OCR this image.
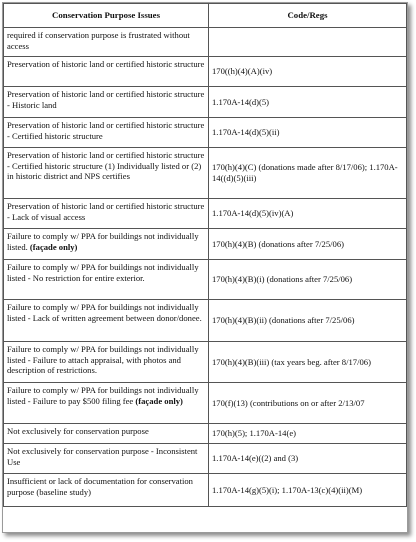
Conservation Purpose Issues	Code/Regs
required if conservation purpose is frustrated without access	
Preservation of historic land or certified historic structure	170((h)(4)(A)(iv)
Preservation of historic land or certified historic structure - Historic land	1.170A-14(d)(5)
Preservation of historic land or certified historic structure - Certified historic structure	1.170A-14(d)(5)(ii)
Preservation of historic land or certified historic structure - Certified historic structure (1) Individually listed or (2) in historic district and NPS certifies	170(h)(4)(C) (donations made after 8/17/06); 1.170A-14((d)(5)(iii)
Preservation of historic land or certified historic structure - Lack of visual access	1.170A-14(d)(5)(iv)(A)
Failure to comply w/ PPA for buildings not individually listed. (façade only)	170(h)(4)(B) (donations after 7/25/06)
Failure to comply w/ PPA for buildings not individually listed - No restriction for entire exterior.	170(h)(4)(B)(i) (donations after 7/25/06)
Failure to comply w/ PPA for buildings not individually listed - Lack of written agreement between donor/donee.	170(h)(4)(B)(ii) (donations after 7/25/06)
Failure to comply w/ PPA for buildings not individually listed - Failure to attach appraisal, with photos and description of restrictions.	170(h)(4)(B)(iii) (tax years beg. after 8/17/06)
Failure to comply w/ PPA for buildings not individually listed - Failure to pay $500 filing fee (façade only)	170(f)(13) (contributions on or after 2/13/07
Not exclusively for conservation purpose	170(h)(5); 1.170A-14(e)
Not exclusively for conservation purpose - Inconsistent Use	1.170A-14(e)((2) and (3)
Insufficient or lack of documentation for conservation purpose (baseline study)	1.170A-14(g)(5)(i); 1.170A-13(c)(4)(ii)(M)
